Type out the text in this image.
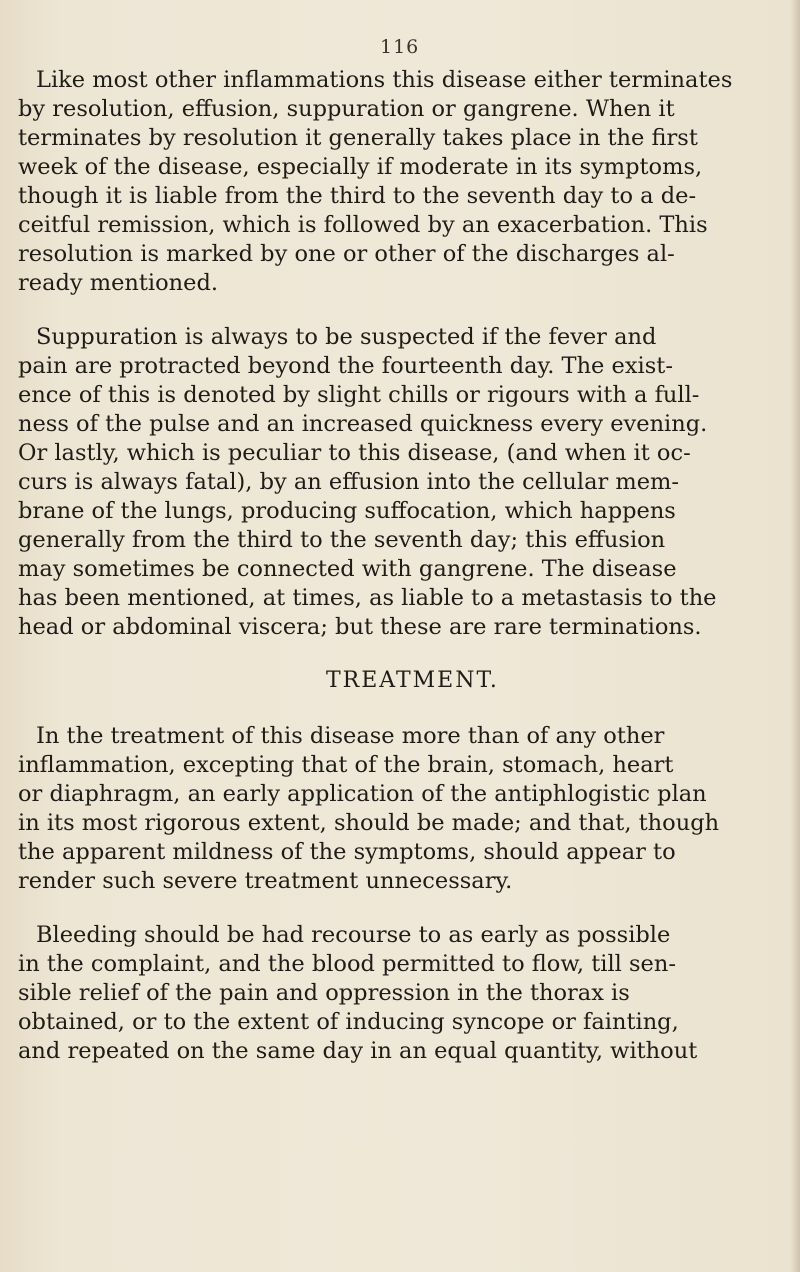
116
Like most other inflammations this disease either terminates
by resolution, effusion, suppuration or gangrene. When it
terminates by resolution it generally takes place in the first
week of the disease, especially if moderate in its symptoms,
though it is liable from the third to the seventh day to a de-
ceitful remission, which is followed by an exacerbation. This
resolution is marked by one or other of the discharges al-
ready mentioned.
Suppuration is always to be suspected if the fever and
pain are protracted beyond the fourteenth day. The exist-
ence of this is denoted by slight chills or rigours with a full-
ness of the pulse and an increased quickness every evening.
Or lastly, which is peculiar to this disease, (and when it oc-
curs is always fatal), by an effusion into the cellular mem-
brane of the lungs, producing suffocation, which happens
generally from the third to the seventh day; this effusion
may sometimes be connected with gangrene. The disease
has been mentioned, at times, as liable to a metastasis to the
head or abdominal viscera; but these are rare terminations.
TREATMENT.
In the treatment of this disease more than of any other
inflammation, excepting that of the brain, stomach, heart
or diaphragm, an early application of the antiphlogistic plan
in its most rigorous extent, should be made; and that, though
the apparent mildness of the symptoms, should appear to
render such severe treatment unnecessary.
Bleeding should be had recourse to as early as possible
in the complaint, and the blood permitted to flow, till sen-
sible relief of the pain and oppression in the thorax is
obtained, or to the extent of inducing syncope or fainting,
and repeated on the same day in an equal quantity, without
